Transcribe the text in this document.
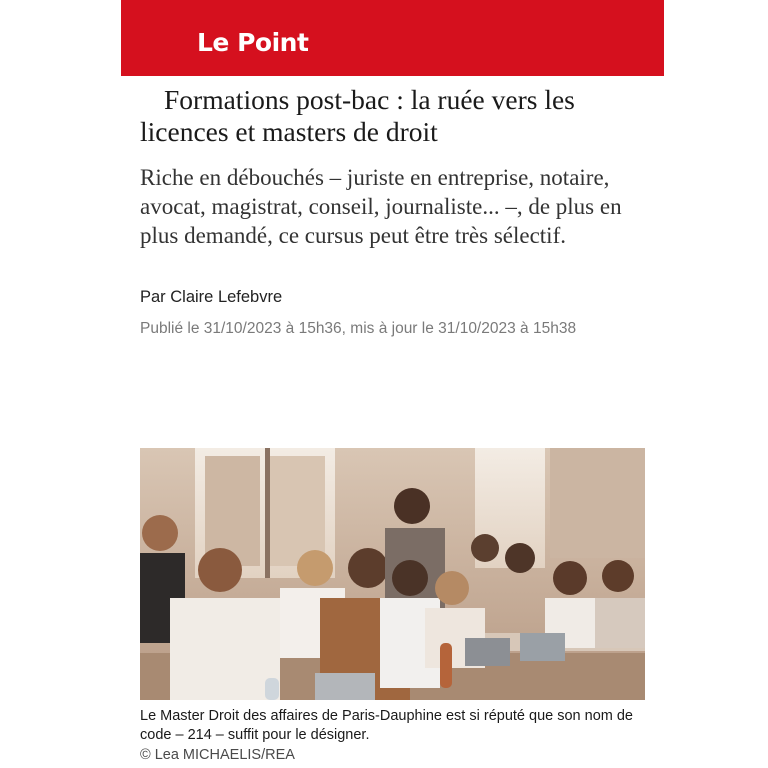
Le Point
Formations post-bac : la ruée vers les licences et masters de droit

Riche en débouchés – juriste en entreprise, notaire, avocat, magistrat, conseil, journaliste... –, de plus en plus demandé, ce cursus peut être très sélectif.

Par Claire Lefebvre

Publié le 31/10/2023 à 15h36, mis à jour le 31/10/2023 à 15h38

Le Master Droit des affaires de Paris-Dauphine est si réputé que son nom de code – 214 – suffit pour le désigner.

© Lea MICHAELIS/REA
